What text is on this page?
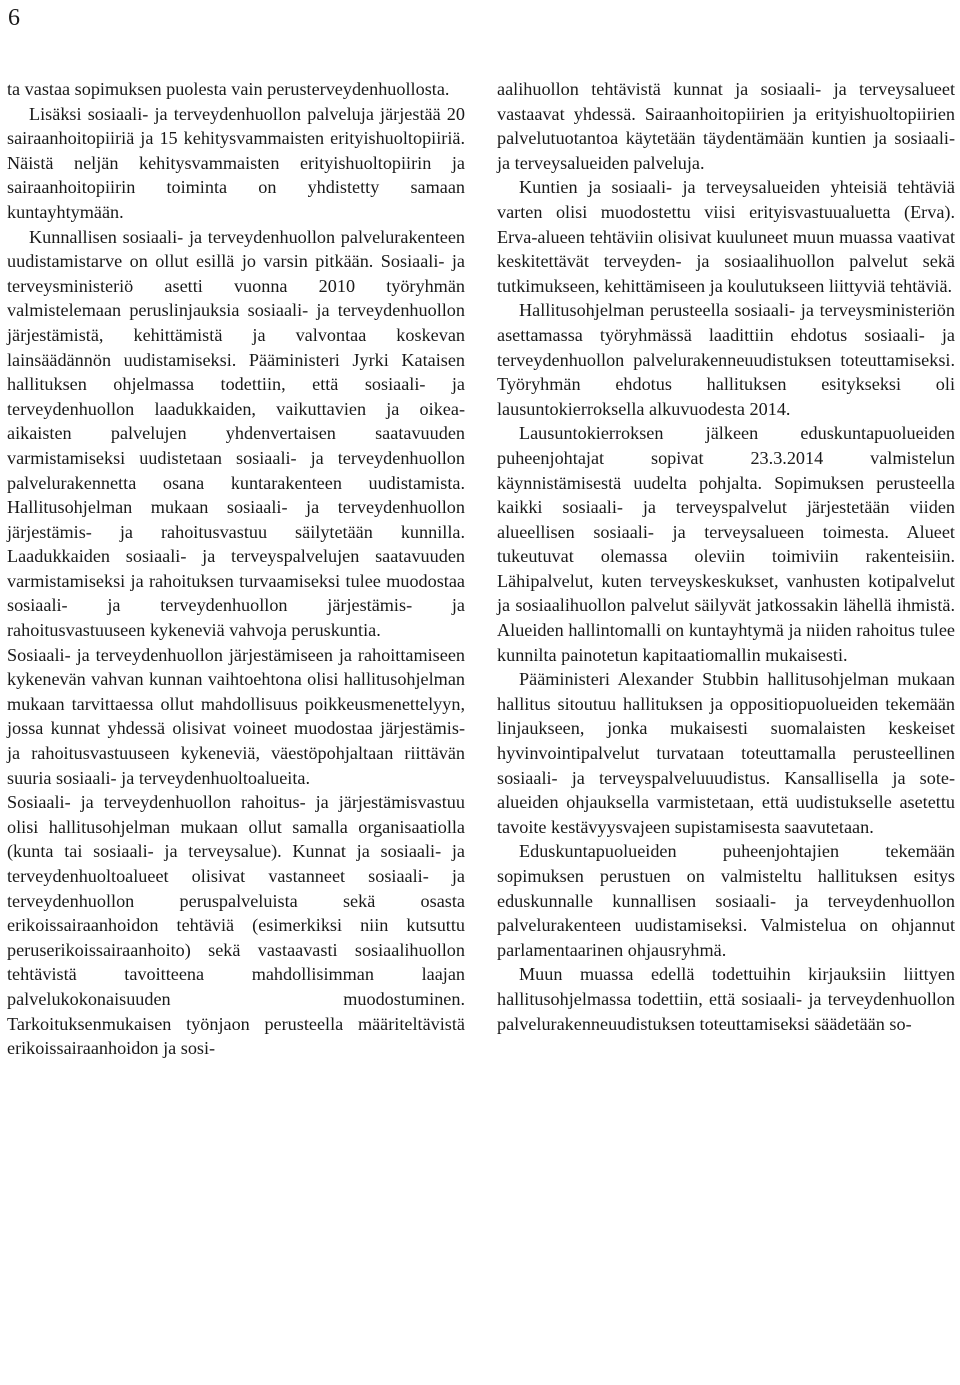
6

ta vastaa sopimuksen puolesta vain perusterveydenhuollosta.

Lisäksi sosiaali- ja terveydenhuollon palveluja järjestää 20 sairaanhoitopiiriä ja 15 kehitysvammaisten erityishuoltopiiriä. Näistä neljän kehitysvammaisten erityishuoltopiirin ja sairaanhoitopiirin toiminta on yhdistetty samaan kuntayhtymään.

Kunnallisen sosiaali- ja terveydenhuollon palvelurakenteen uudistamistarve on ollut esillä jo varsin pitkään. Sosiaali- ja terveysministeriö asetti vuonna 2010 työryhmän valmistelemaan peruslinjauksia sosiaali- ja terveydenhuollon järjestämistä, kehittämistä ja valvontaa koskevan lainsäädännön uudistamiseksi. Pääministeri Jyrki Kataisen hallituksen ohjelmassa todettiin, että sosiaali- ja terveydenhuollon laadukkaiden, vaikuttavien ja oikea-aikaisten palvelujen yhdenvertaisen saatavuuden varmistamiseksi uudistetaan sosiaali- ja terveydenhuollon palvelurakennetta osana kuntarakenteen uudistamista. Hallitusohjelman mukaan sosiaali- ja terveydenhuollon järjestämis- ja rahoitusvastuu säilytetään kunnilla. Laadukkaiden sosiaali- ja terveyspalvelujen saatavuuden varmistamiseksi ja rahoituksen turvaamiseksi tulee muodostaa sosiaali- ja terveydenhuollon järjestämis- ja rahoitusvastuuseen kykeneviä vahvoja peruskuntia.

Sosiaali- ja terveydenhuollon järjestämiseen ja rahoittamiseen kykenevän vahvan kunnan vaihtoehtona olisi hallitusohjelman mukaan tarvittaessa ollut mahdollisuus poikkeusmenettelyyn, jossa kunnat yhdessä olisivat voineet muodostaa järjestämis- ja rahoitusvastuuseen kykeneviä, väestöpohjaltaan riittävän suuria sosiaali- ja terveydenhuoltoalueita.

Sosiaali- ja terveydenhuollon rahoitus- ja järjestämisvastuu olisi hallitusohjelman mukaan ollut samalla organisaatiolla (kunta tai sosiaali- ja terveysalue). Kunnat ja sosiaali- ja terveydenhuoltoalueet olisivat vastanneet sosiaali- ja terveydenhuollon peruspalveluista sekä osasta erikoissairaanhoidon tehtäviä (esimerkiksi niin kutsuttu peruserikoissairaanhoito) sekä vastaavasti sosiaalihuollon tehtävistä tavoitteena mahdollisimman laajan palvelukokonaisuuden muodostuminen. Tarkoituksenmukaisen työnjaon perusteella määriteltävistä erikoissairaanhoidon ja sosi-

aalihuollon tehtävistä kunnat ja sosiaali- ja terveysalueet vastaavat yhdessä. Sairaanhoitopiirien ja erityishuoltopiirien palvelutuotantoa käytetään täydentämään kuntien ja sosiaali- ja terveysalueiden palveluja.

Kuntien ja sosiaali- ja terveysalueiden yhteisiä tehtäviä varten olisi muodostettu viisi erityisvastuualuetta (Erva). Erva-alueen tehtäviin olisivat kuuluneet muun muassa vaativat keskitettävät terveyden- ja sosiaalihuollon palvelut sekä tutkimukseen, kehittämiseen ja koulutukseen liittyviä tehtäviä.

Hallitusohjelman perusteella sosiaali- ja terveysministeriön asettamassa työryhmässä laadittiin ehdotus sosiaali- ja terveydenhuollon palvelurakenneuudistuksen toteuttamiseksi. Työryhmän ehdotus hallituksen esitykseksi oli lausuntokierroksella alkuvuodesta 2014.

Lausuntokierroksen jälkeen eduskuntapuolueiden puheenjohtajat sopivat 23.3.2014 valmistelun käynnistämisestä uudelta pohjalta. Sopimuksen perusteella kaikki sosiaali- ja terveyspalvelut järjestetään viiden alueellisen sosiaali- ja terveysalueen toimesta. Alueet tukeutuvat olemassa oleviin toimiviin rakenteisiin. Lähipalvelut, kuten terveyskeskukset, vanhusten kotipalvelut ja sosiaalihuollon palvelut säilyvät jatkossakin lähellä ihmistä. Alueiden hallintomalli on kuntayhtymä ja niiden rahoitus tulee kunnilta painotetun kapitaatiomallin mukaisesti.

Pääministeri Alexander Stubbin hallitusohjelman mukaan hallitus sitoutuu hallituksen ja oppositiopuolueiden tekemään linjaukseen, jonka mukaisesti suomalaisten keskeiset hyvinvointipalvelut turvataan toteuttamalla perusteellinen sosiaali- ja terveyspalveluuudistus. Kansallisella ja sote-alueiden ohjauksella varmistetaan, että uudistukselle asetettu tavoite kestävyysvajeen supistamisesta saavutetaan.

Eduskuntapuolueiden puheenjohtajien tekemään sopimuksen perustuen on valmisteltu hallituksen esitys eduskunnalle kunnallisen sosiaali- ja terveydenhuollon palvelurakenteen uudistamiseksi. Valmistelua on ohjannut parlamentaarinen ohjausryhmä.

Muun muassa edellä todettuihin kirjauksiin liittyen hallitusohjelmassa todettiin, että sosiaali- ja terveydenhuollon palvelurakenneuudistuksen toteuttamiseksi säädetään so-
